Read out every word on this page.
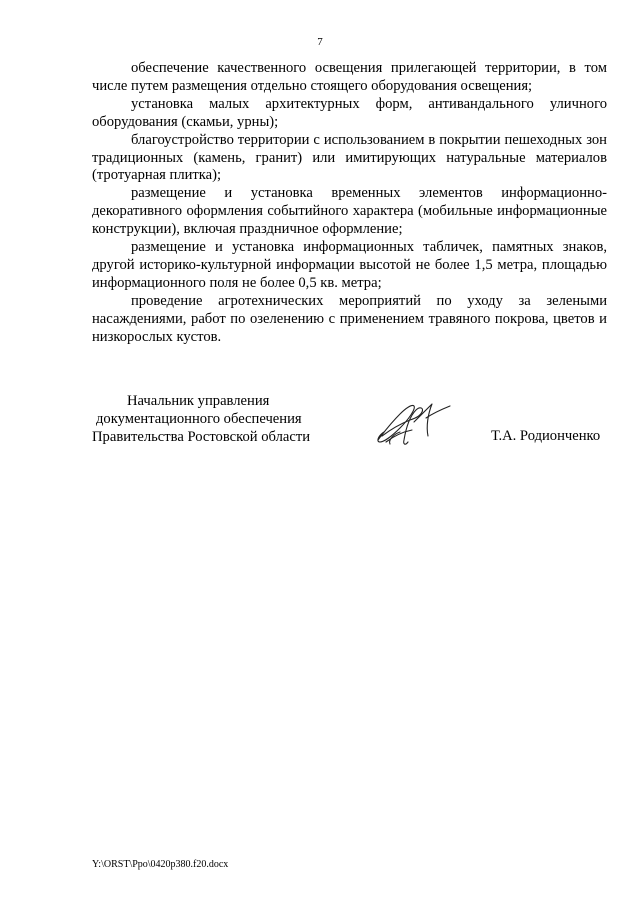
7

обеспечение качественного освещения прилегающей территории, в том числе путем размещения отдельно стоящего оборудования освещения;

установка малых архитектурных форм, антивандального уличного оборудования (скамьи, урны);

благоустройство территории с использованием в покрытии пешеходных зон традиционных (камень, гранит) или имитирующих натуральные материалов (тротуарная плитка);

размещение и установка временных элементов информационно-декоративного оформления событийного характера (мобильные информационные конструкции), включая праздничное оформление;

размещение и установка информационных табличек, памятных знаков, другой историко-культурной информации высотой не более 1,5 метра, площадью информационного поля не более 0,5 кв. метра;

проведение агротехнических мероприятий по уходу за зелеными насаждениями, работ по озеленению с применением травяного покрова, цветов и низкорослых кустов.

Начальник управления
документационного обеспечения
Правительства Ростовской области	Т.А. Родионченко
Y:\ORST\Ppo\0420p380.f20.docx
